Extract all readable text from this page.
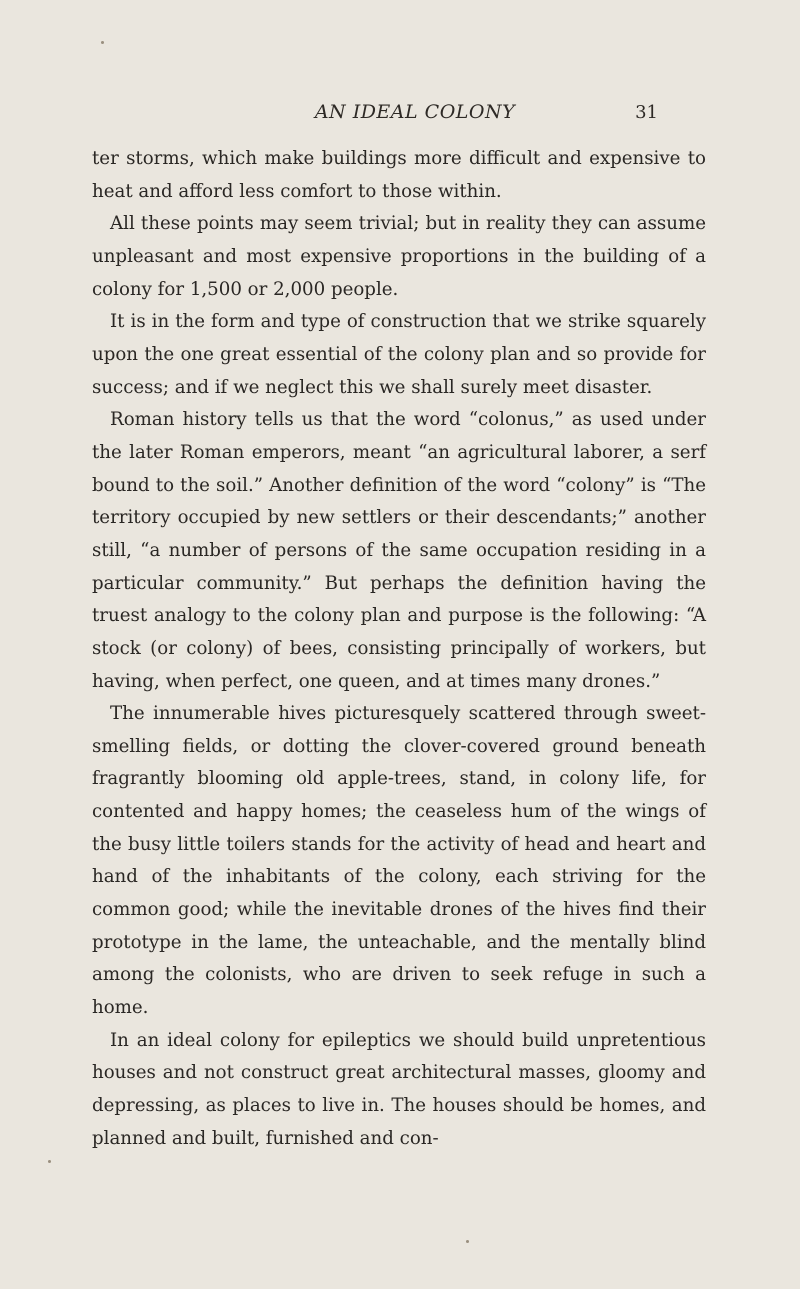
AN IDEAL COLONY	31

ter storms, which make buildings more difficult and expensive to heat and afford less comfort to those within.

All these points may seem trivial; but in reality they can assume unpleasant and most expensive proportions in the building of a colony for 1,500 or 2,000 people.

It is in the form and type of construction that we strike squarely upon the one great essential of the colony plan and so provide for success; and if we neglect this we shall surely meet disaster.

Roman history tells us that the word “colonus,” as used under the later Roman emperors, meant “an agricultural laborer, a serf bound to the soil.” Another definition of the word “colony” is “The territory occupied by new settlers or their descendants;” another still, “a number of persons of the same occupation residing in a particular community.” But perhaps the definition having the truest analogy to the colony plan and purpose is the following: “A stock (or colony) of bees, consisting principally of workers, but having, when perfect, one queen, and at times many drones.”

The innumerable hives picturesquely scattered through sweet-smelling fields, or dotting the clover-covered ground beneath fragrantly blooming old apple-trees, stand, in colony life, for contented and happy homes; the ceaseless hum of the wings of the busy little toilers stands for the activity of head and heart and hand of the inhabitants of the colony, each striving for the common good; while the inevitable drones of the hives find their prototype in the lame, the unteachable, and the mentally blind among the colonists, who are driven to seek refuge in such a home.

In an ideal colony for epileptics we should build unpretentious houses and not construct great architectural masses, gloomy and depressing, as places to live in. The houses should be homes, and planned and built, furnished and con-
